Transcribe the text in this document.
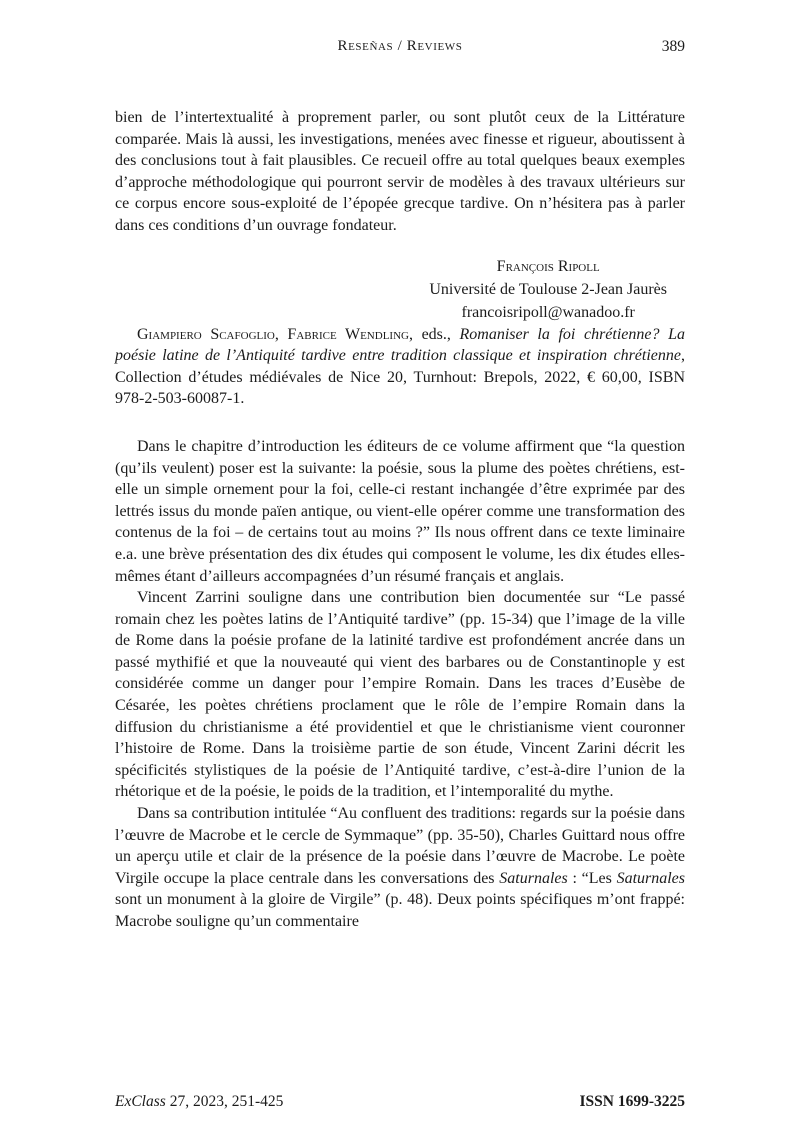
Reseñas / Reviews	389

bien de l’intertextualité à proprement parler, ou sont plutôt ceux de la Littérature comparée. Mais là aussi, les investigations, menées avec finesse et rigueur, aboutissent à des conclusions tout à fait plausibles. Ce recueil offre au total quelques beaux exemples d’approche méthodologique qui pourront servir de modèles à des travaux ultérieurs sur ce corpus encore sous-exploité de l’épopée grecque tardive. On n’hésitera pas à parler dans ces conditions d’un ouvrage fondateur.

François Ripoll
Université de Toulouse 2-Jean Jaurès
francoisripoll@wanadoo.fr

Giampiero Scafoglio, Fabrice Wendling, eds., Romaniser la foi chrétienne? La poésie latine de l’Antiquité tardive entre tradition classique et inspiration chrétienne, Collection d’études médiévales de Nice 20, Turnhout: Brepols, 2022, € 60,00, ISBN 978-2-503-60087-1.

Dans le chapitre d’introduction les éditeurs de ce volume affirment que “la question (qu’ils veulent) poser est la suivante: la poésie, sous la plume des poètes chrétiens, est-elle un simple ornement pour la foi, celle-ci restant inchangée d’être exprimée par des lettrés issus du monde païen antique, ou vient-elle opérer comme une transformation des contenus de la foi – de certains tout au moins ?” Ils nous offrent dans ce texte liminaire e.a. une brève présentation des dix études qui composent le volume, les dix études elles-mêmes étant d’ailleurs accompagnées d’un résumé français et anglais.

Vincent Zarrini souligne dans une contribution bien documentée sur “Le passé romain chez les poètes latins de l’Antiquité tardive” (pp. 15-34) que l’image de la ville de Rome dans la poésie profane de la latinité tardive est profondément ancrée dans un passé mythifié et que la nouveauté qui vient des barbares ou de Constantinople y est considérée comme un danger pour l’empire Romain. Dans les traces d’Eusèbe de Césarée, les poètes chrétiens proclament que le rôle de l’empire Romain dans la diffusion du christianisme a été providentiel et que le christianisme vient couronner l’histoire de Rome. Dans la troisième partie de son étude, Vincent Zarini décrit les spécificités stylistiques de la poésie de l’Antiquité tardive, c’est-à-dire l’union de la rhétorique et de la poésie, le poids de la tradition, et l’intemporalité du mythe.

Dans sa contribution intitulée “Au confluent des traditions: regards sur la poésie dans l’œuvre de Macrobe et le cercle de Symmaque” (pp. 35-50), Charles Guittard nous offre un aperçu utile et clair de la présence de la poésie dans l’œuvre de Macrobe. Le poète Virgile occupe la place centrale dans les conversations des Saturnales : “Les Saturnales sont un monument à la gloire de Virgile” (p. 48). Deux points spécifiques m’ont frappé: Macrobe souligne qu’un commentaire

ExClass 27, 2023, 251-425	ISSN 1699-3225
